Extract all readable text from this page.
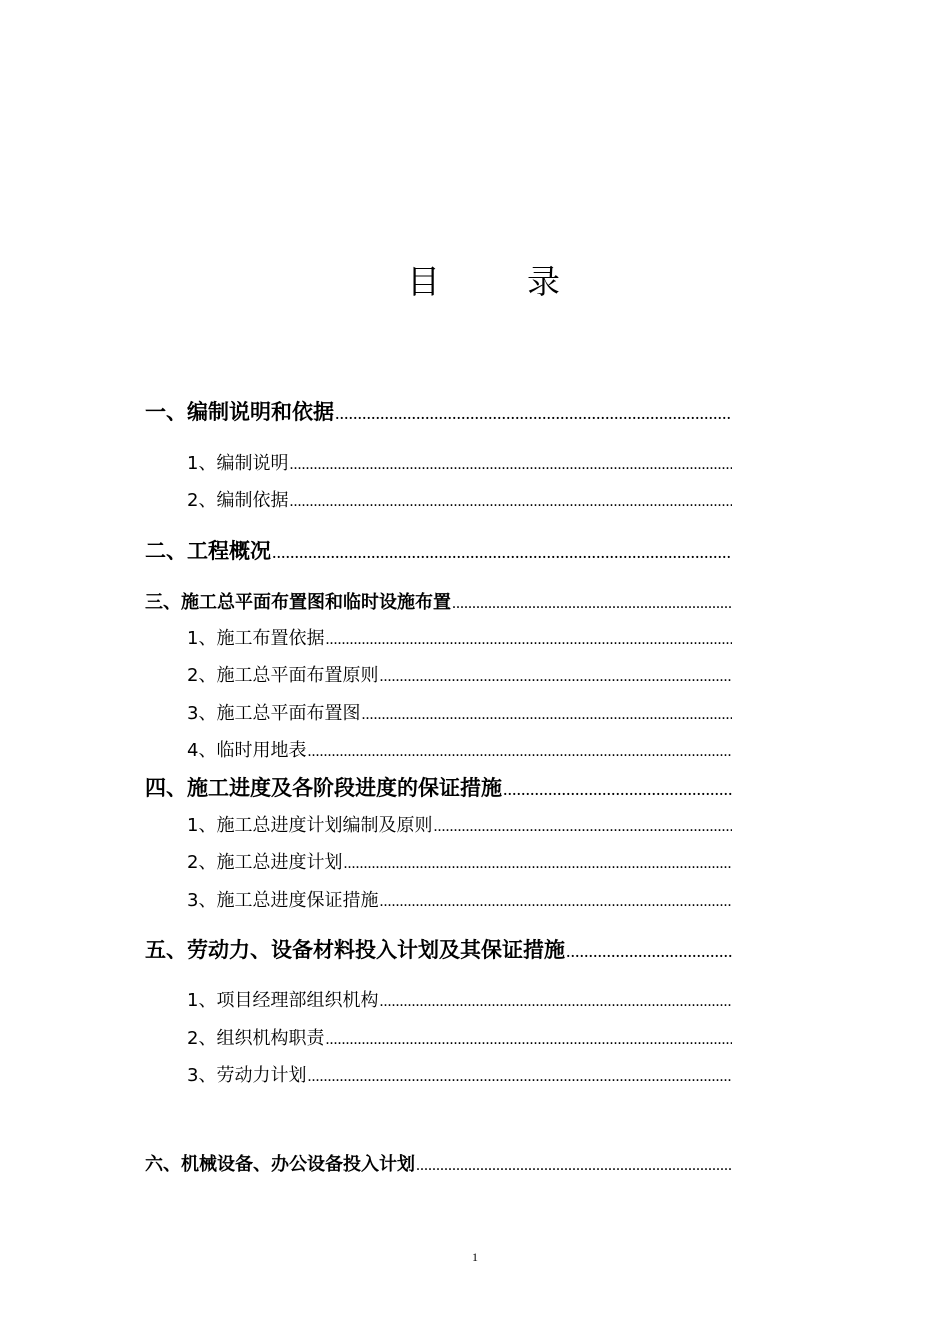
目	录
一、编制说明和依据
.....
1、编制说明
.....
2、编制依据
.....
二、工程概况
.....
三、施工总平面布置图和临时设施布置
.....
1、施工布置依据
.....
2、施工总平面布置原则
.....
3、施工总平面布置图
.....
4、临时用地表
.....
四、施工进度及各阶段进度的保证措施
.....
1、施工总进度计划编制及原则
.....
2、施工总进度计划
.....
3、施工总进度保证措施
.....
五、劳动力、设备材料投入计划及其保证措施
.....
1、项目经理部组织机构
.....
2、组织机构职责
.....
3、劳动力计划
.....
六、机械设备、办公设备投入计划
.....
1
